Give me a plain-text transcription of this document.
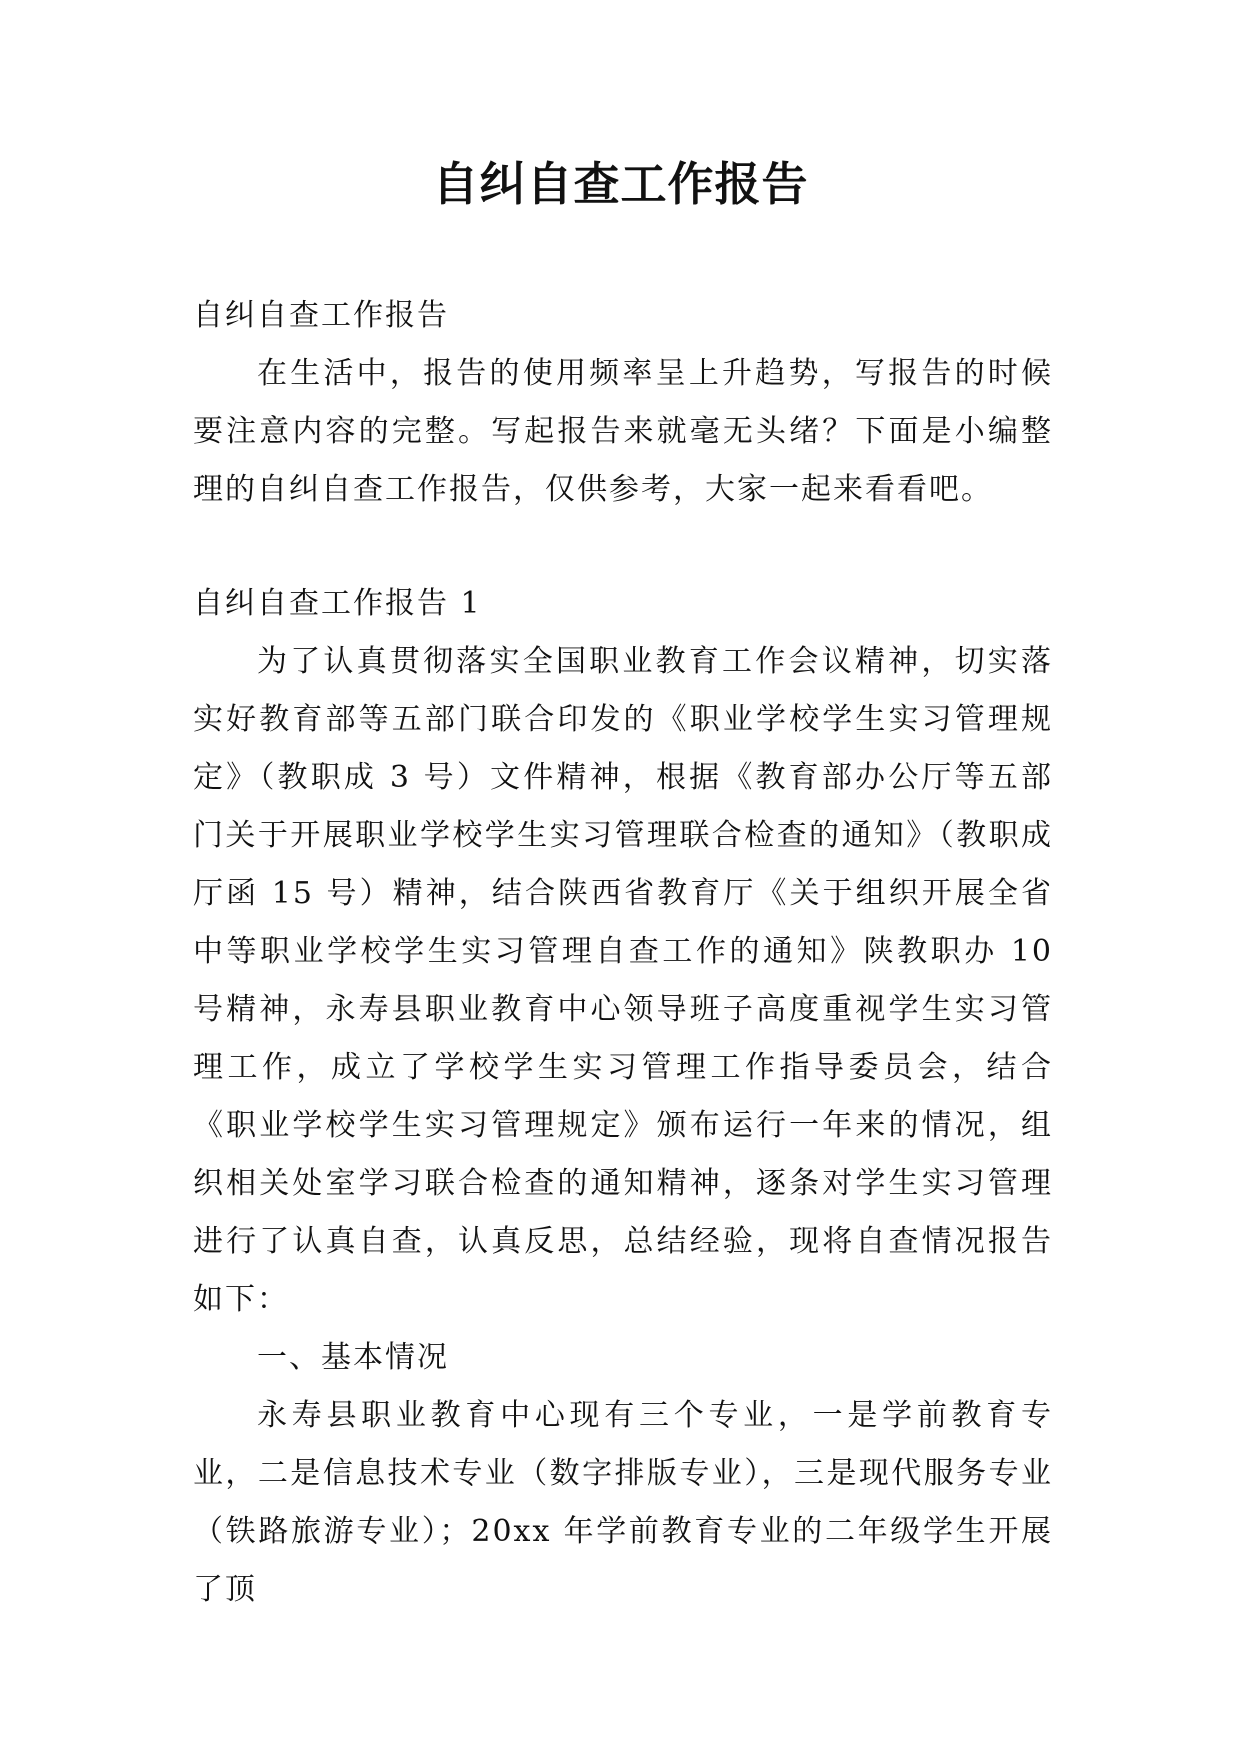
自纠自查工作报告

自纠自查工作报告

在生活中，报告的使用频率呈上升趋势，写报告的时候要注意内容的完整。写起报告来就毫无头绪？下面是小编整理的自纠自查工作报告，仅供参考，大家一起来看看吧。

自纠自查工作报告 1

为了认真贯彻落实全国职业教育工作会议精神，切实落实好教育部等五部门联合印发的《职业学校学生实习管理规定》（教职成 3 号）文件精神，根据《教育部办公厅等五部门关于开展职业学校学生实习管理联合检查的通知》（教职成厅函 15 号）精神，结合陕西省教育厅《关于组织开展全省中等职业学校学生实习管理自查工作的通知》陕教职办 10 号精神，永寿县职业教育中心领导班子高度重视学生实习管理工作，成立了学校学生实习管理工作指导委员会，结合《职业学校学生实习管理规定》颁布运行一年来的情况，组织相关处室学习联合检查的通知精神，逐条对学生实习管理进行了认真自查，认真反思，总结经验，现将自查情况报告如下：

一、基本情况

永寿县职业教育中心现有三个专业，一是学前教育专业，二是信息技术专业（数字排版专业），三是现代服务专业（铁路旅游专业）；20xx 年学前教育专业的二年级学生开展了顶
